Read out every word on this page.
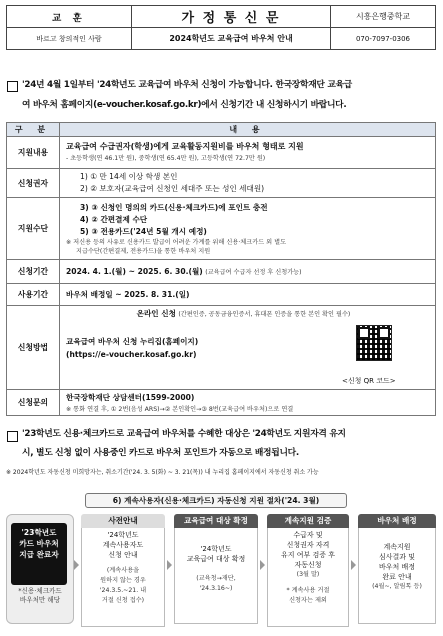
교 훈	가 정 통 신 문	시흥은행중학교
바르고 창의적인 사람	2024학년도 교육급여 바우처 안내	070-7097-0306
'24년 4월 1일부터 '24학년도 교육급여 바우처 신청이 가능합니다. 한국장학재단 교육급
여 바우처 홈페이지(e-voucher.kosaf.go.kr)에서 신청기간 내 신청하시기 바랍니다.
구 분	내 용
지원내용	교육급여 수급권자(학생)에게 교육활동지원비를 바우처 형태로 지원
- 초등학생(연 46.1만 원), 중학생(연 65.4만 원), 고등학생(연 72.7만 원)

신청권자	1) ① 만 14세 이상 학생 본인
2) ② 보호자(교육급여 신청인 세대주 또는 성인 세대원)

지원수단	3) ③ 신청인 명의의 카드(신용·체크카드)에 포인트 충전
4) ② 간편결제 수단
5) ③ 전용카드('24년 5월 개시 예정)
※ 저신용 등의 사유로 신용카드 발급이 어려운 가계를 위해 신용·체크카드 외 별도
지급수단(간편결제, 전용카드)을 통한 바우처 지원

신청기간	2024. 4. 1.(월) ~ 2025. 6. 30.(월) (교육급여 수급자 선정 후 신청가능)
사용기간	바우처 배정일 ~ 2025. 8. 31.(일)
신청방법	온라인 신청 (간편인증, 공동금융인증서, 휴대폰 인증을 통한 본인 확인 필수)
교육급여 바우처 신청 누리집(홈페이지)
(https://e-voucher.kosaf.go.kr)
<신청 QR 코드>

신청문의	한국장학재단 상담센터(1599-2000)
※ 통화 연결 후, ① 2번(음성 ARS)→② 본인확인→③ 8번(교육급여 바우처)으로 연결
'23학년도 신용·체크카드로 교육급여 바우처를 수혜한 대상은 '24학년도 지원자격 유지
시, 별도 신청 없이 사용중인 카드로 바우처 포인트가 자동으로 배정됩니다.
※ 2024학년도 자동신청 미희망자는, 취소기간('24. 3. 5(화) ~ 3. 21(목)) 내 누리집 홈페이지에서 자동신청 취소 가능
6) 계속사용자(신용·체크카드) 자동신청 지원 절차('24. 3월)
'23학년도
카드 바우처
지급 완료자
*신용·체크카드
바우처만 해당
사전안내
'24학년도
계속사용자도
신청 안내
(계속사용을
원하지 않는 경우
'24.3.5.~21. 내
거절 신청 접수)
교육급여 대상 확정
'24학년도
교육급여 대상 확정
(교육청→재단,
'24.3.16~)
계속지원 검증
수급자 및
신청권자 자격
유지 여부 검증 후
자동신청
(3월 말)
* 계속사용 거절
신청자는 제외
바우처 배정
계속지원
심사결과 및
바우처 배정
완료 안내
(4월~, 알림톡 등)
